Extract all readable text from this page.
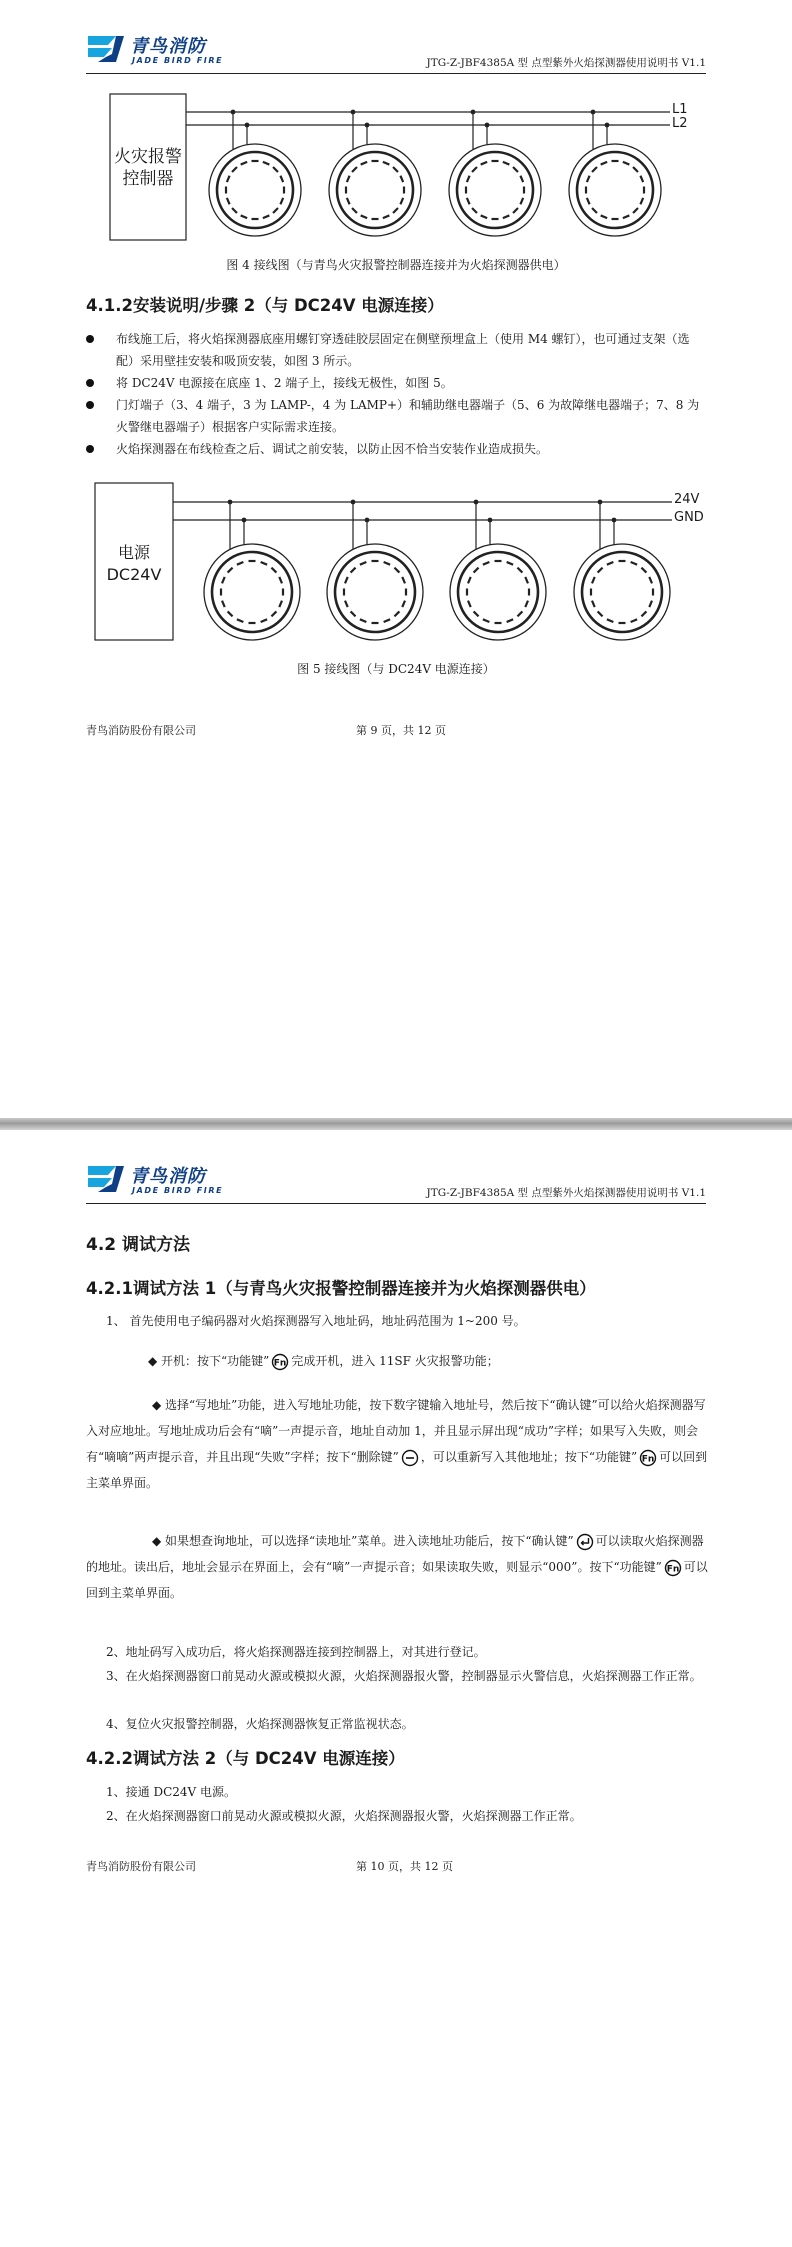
青鸟消防
JADE BIRD FIRE	JTG-Z-JBF4385A 型 点型紫外火焰探测器使用说明书 V1.1
火灾报警控制器
L1
L2
图 4 接线图（与青鸟火灾报警控制器连接并为火焰探测器供电）
4.1.2安装说明/步骤 2（与 DC24V 电源连接）
布线施工后，将火焰探测器底座用螺钉穿透硅胶层固定在侧壁预埋盒上（使用 M4 螺钉），也可通过支架（选配）采用壁挂安装和吸顶安装，如图 3 所示。
将 DC24V 电源接在底座 1、2 端子上，接线无极性，如图 5。
门灯端子（3、4 端子，3 为 LAMP-，4 为 LAMP+）和辅助继电器端子（5、6 为故障继电器端子；7、8 为火警继电器端子）根据客户实际需求连接。
火焰探测器在布线检查之后、调试之前安装，以防止因不恰当安装作业造成损失。
电源
DC24V
24V
GND
图 5 接线图（与 DC24V 电源连接）
青鸟消防股份有限公司	第 9 页，共 12 页
青鸟消防
JADE BIRD FIRE	JTG-Z-JBF4385A 型 点型紫外火焰探测器使用说明书 V1.1
4.2 调试方法
4.2.1调试方法 1（与青鸟火灾报警控制器连接并为火焰探测器供电）
1、 首先使用电子编码器对火焰探测器写入地址码，地址码范围为 1~200 号。
◆ 开机：按下“功能键” Fn 完成开机，进入 11SF 火灾报警功能；
◆ 选择“写地址”功能，进入写地址功能，按下数字键输入地址号，然后按下“确认键”可以给火焰探测器写入对应地址。写地址成功后会有“嘀”一声提示音，地址自动加 1，并且显示屏出现“成功”字样；如果写入失败，则会有“嘀嘀”两声提示音，并且出现“失败”字样；按下“删除键” ，可以重新写入其他地址；按下“功能键” Fn 可以回到主菜单界面。
◆ 如果想查询地址，可以选择“读地址”菜单。进入读地址功能后，按下“确认键” 可以读取火焰探测器的地址。读出后，地址会显示在界面上，会有“嘀”一声提示音；如果读取失败，则显示“000”。按下“功能键” Fn 可以回到主菜单界面。
2、地址码写入成功后，将火焰探测器连接到控制器上，对其进行登记。
3、在火焰探测器窗口前晃动火源或模拟火源，火焰探测器报火警，控制器显示火警信息，火焰探测器工作正常。
4、复位火灾报警控制器，火焰探测器恢复正常监视状态。
4.2.2调试方法 2（与 DC24V 电源连接）
1、接通 DC24V 电源。
2、在火焰探测器窗口前晃动火源或模拟火源，火焰探测器报火警，火焰探测器工作正常。
青鸟消防股份有限公司	第 10 页，共 12 页
